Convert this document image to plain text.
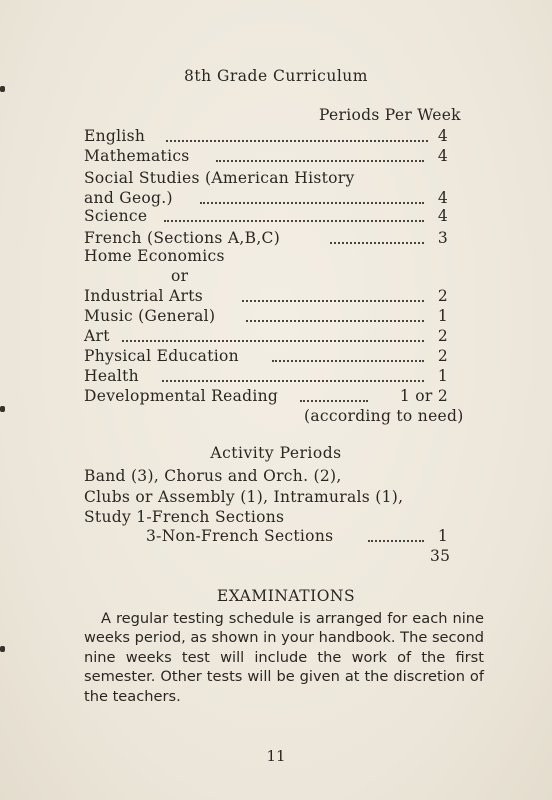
8th Grade Curriculum
Periods Per Week
English	4
Mathematics	4
Social Studies (American History
and Geog.)	4
Science	4
French (Sections A,B,C)	3
Home Economics
or
Industrial Arts	2
Music (General)	1
Art	2
Physical Education	2
Health	1
Developmental Reading	1 or 2
(according to need)
Activity Periods
Band (3), Chorus and Orch. (2),
Clubs or Assembly (1), Intramurals (1),
Study 1-French Sections
3-Non-French Sections	1
35
EXAMINATIONS

A regular testing schedule is arranged for each nine weeks period, as shown in your handbook. The second nine weeks test will include the work of the first semester. Other tests will be given at the discretion of the teachers.

11
